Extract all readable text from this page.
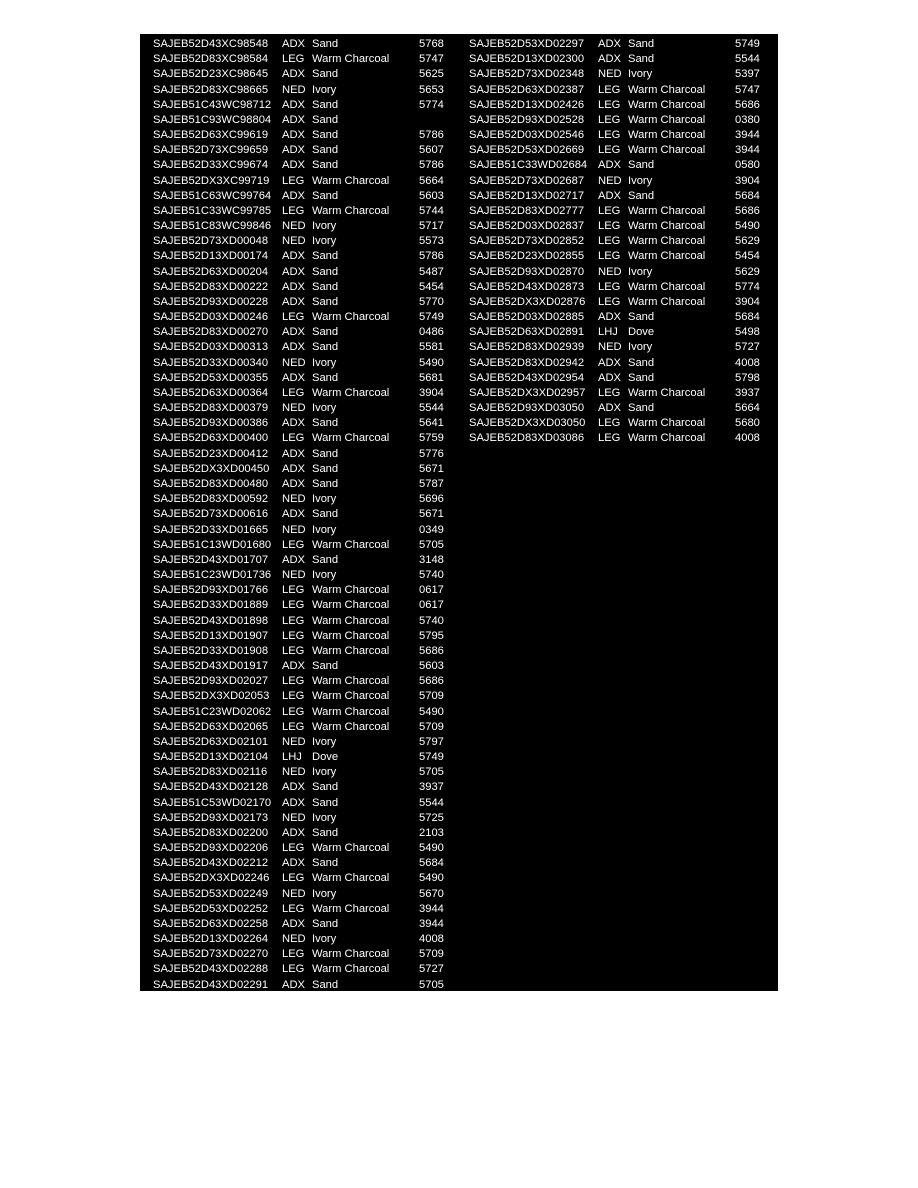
SAJEB52D43XC98548 ADX Sand	5768
SAJEB52D83XC98584 LEG Warm Charcoal	5747
SAJEB52D23XC98645 ADX Sand	5625
SAJEB52D83XC98665 NED Ivory	5653
SAJEB51C43WC98712 ADX Sand	5774
SAJEB51C93WC98804 ADX Sand
SAJEB52D63XC99619 ADX Sand	5786
SAJEB52D73XC99659 ADX Sand	5607
SAJEB52D33XC99674 ADX Sand	5786
SAJEB52DX3XC99719 LEG Warm Charcoal	5664
SAJEB51C63WC99764 ADX Sand	5603
SAJEB51C33WC99785 LEG Warm Charcoal	5744
SAJEB51C83WC99846 NED Ivory	5717
SAJEB52D73XD00048 NED Ivory	5573
SAJEB52D13XD00174 ADX Sand	5786
SAJEB52D63XD00204 ADX Sand	5487
SAJEB52D83XD00222 ADX Sand	5454
SAJEB52D93XD00228 ADX Sand	5770
SAJEB52D03XD00246 LEG Warm Charcoal	5749
SAJEB52D83XD00270 ADX Sand	0486
SAJEB52D03XD00313 ADX Sand	5581
SAJEB52D33XD00340 NED Ivory	5490
SAJEB52D53XD00355 ADX Sand	5681
SAJEB52D63XD00364 LEG Warm Charcoal	3904
SAJEB52D83XD00379 NED Ivory	5544
SAJEB52D93XD00386 ADX Sand	5641
SAJEB52D63XD00400 LEG Warm Charcoal	5759
SAJEB52D23XD00412 ADX Sand	5776
SAJEB52DX3XD00450 ADX Sand	5671
SAJEB52D83XD00480 ADX Sand	5787
SAJEB52D83XD00592 NED Ivory	5696
SAJEB52D73XD00616 ADX Sand	5671
SAJEB52D33XD01665 NED Ivory	0349
SAJEB51C13WD01680 LEG Warm Charcoal	5705
SAJEB52D43XD01707 ADX Sand	3148
SAJEB51C23WD01736 NED Ivory	5740
SAJEB52D93XD01766 LEG Warm Charcoal	0617
SAJEB52D33XD01889 LEG Warm Charcoal	0617
SAJEB52D43XD01898 LEG Warm Charcoal	5740
SAJEB52D13XD01907 LEG Warm Charcoal	5795
SAJEB52D33XD01908 LEG Warm Charcoal	5686
SAJEB52D43XD01917 ADX Sand	5603
SAJEB52D93XD02027 LEG Warm Charcoal	5686
SAJEB52DX3XD02053 LEG Warm Charcoal	5709
SAJEB51C23WD02062 LEG Warm Charcoal	5490
SAJEB52D63XD02065 LEG Warm Charcoal	5709
SAJEB52D63XD02101 NED Ivory	5797
SAJEB52D13XD02104 LHJ Dove	5749
SAJEB52D83XD02116 NED Ivory	5705
SAJEB52D43XD02128 ADX Sand	3937
SAJEB51C53WD02170 ADX Sand	5544
SAJEB52D93XD02173 NED Ivory	5725
SAJEB52D83XD02200 ADX Sand	2103
SAJEB52D93XD02206 LEG Warm Charcoal	5490
SAJEB52D43XD02212 ADX Sand	5684
SAJEB52DX3XD02246 LEG Warm Charcoal	5490
SAJEB52D53XD02249 NED Ivory	5670
SAJEB52D53XD02252 LEG Warm Charcoal	3944
SAJEB52D63XD02258 ADX Sand	3944
SAJEB52D13XD02264 NED Ivory	4008
SAJEB52D73XD02270 LEG Warm Charcoal	5709
SAJEB52D43XD02288 LEG Warm Charcoal	5727
SAJEB52D43XD02291 ADX Sand	5705
SAJEB52D53XD02297 ADX Sand	5749
SAJEB52D13XD02300 ADX Sand	5544
SAJEB52D73XD02348 NED Ivory	5397
SAJEB52D63XD02387 LEG Warm Charcoal	5747
SAJEB52D13XD02426 LEG Warm Charcoal	5686
SAJEB52D93XD02528 LEG Warm Charcoal	0380
SAJEB52D03XD02546 LEG Warm Charcoal	3944
SAJEB52D53XD02669 LEG Warm Charcoal	3944
SAJEB51C33WD02684 ADX Sand	0580
SAJEB52D73XD02687 NED Ivory	3904
SAJEB52D13XD02717 ADX Sand	5684
SAJEB52D83XD02777 LEG Warm Charcoal	5686
SAJEB52D03XD02837 LEG Warm Charcoal	5490
SAJEB52D73XD02852 LEG Warm Charcoal	5629
SAJEB52D23XD02855 LEG Warm Charcoal	5454
SAJEB52D93XD02870 NED Ivory	5629
SAJEB52D43XD02873 LEG Warm Charcoal	5774
SAJEB52DX3XD02876 LEG Warm Charcoal	3904
SAJEB52D03XD02885 ADX Sand	5684
SAJEB52D63XD02891 LHJ Dove	5498
SAJEB52D83XD02939 NED Ivory	5727
SAJEB52D83XD02942 ADX Sand	4008
SAJEB52D43XD02954 ADX Sand	5798
SAJEB52DX3XD02957 LEG Warm Charcoal	3937
SAJEB52D93XD03050 ADX Sand	5664
SAJEB52DX3XD03050 LEG Warm Charcoal	5680
SAJEB52D83XD03086 LEG Warm Charcoal	4008
